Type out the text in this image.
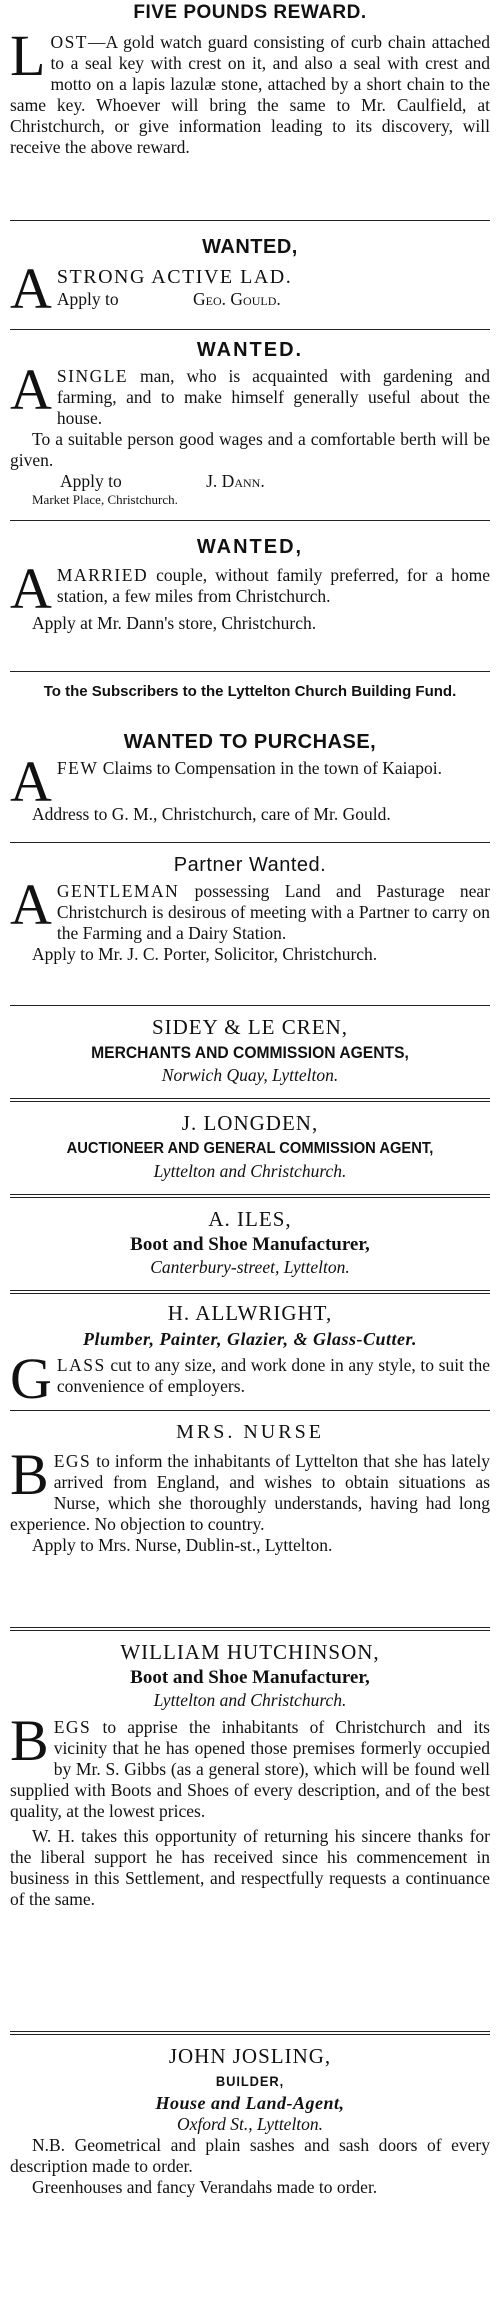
FIVE POUNDS REWARD.

LOST—A gold watch guard consisting of curb chain attached to a seal key with crest on it, and also a seal with crest and motto on a lapis lazulæ stone, attached by a short chain to the same key. Whoever will bring the same to Mr. Caulfield, at Christchurch, or give information leading to its discovery, will receive the above reward.

WANTED,

ASTRONG ACTIVE LAD.

Apply to	Geo. Gould.

WANTED.

ASINGLE man, who is acquainted with gardening and farming, and to make himself generally useful about the house.

To a suitable person good wages and a comfortable berth will be given.

Apply to	J. Dann.

Market Place, Christchurch.

WANTED,

AMARRIED couple, without family preferred, for a home station, a few miles from Christchurch.

Apply at Mr. Dann's store, Christchurch.

To the Subscribers to the Lyttelton Church Building Fund.

WANTED TO PURCHASE,

AFEW Claims to Compensation in the town of Kaiapoi.

Address to G. M., Christchurch, care of Mr. Gould.

Partner Wanted.

AGENTLEMAN possessing Land and Pasturage near Christchurch is desirous of meeting with a Partner to carry on the Farming and a Dairy Station.

Apply to Mr. J. C. Porter, Solicitor, Christchurch.

SIDEY & LE CREN,
MERCHANTS AND COMMISSION AGENTS,
Norwich Quay, Lyttelton.
J. LONGDEN,
AUCTIONEER AND GENERAL COMMISSION AGENT,
Lyttelton and Christchurch.
A. ILES,
Boot and Shoe Manufacturer,
Canterbury-street, Lyttelton.
H. ALLWRIGHT,
Plumber, Painter, Glazier, & Glass-Cutter.

GLASS cut to any size, and work done in any style, to suit the convenience of employers.

MRS. NURSE

BEGS to inform the inhabitants of Lyttelton that she has lately arrived from England, and wishes to obtain situations as Nurse, which she thoroughly understands, having had long experience. No objection to country.

Apply to Mrs. Nurse, Dublin-st., Lyttelton.

WILLIAM HUTCHINSON,
Boot and Shoe Manufacturer,
Lyttelton and Christchurch.

BEGS to apprise the inhabitants of Christchurch and its vicinity that he has opened those premises formerly occupied by Mr. S. Gibbs (as a general store), which will be found well supplied with Boots and Shoes of every description, and of the best quality, at the lowest prices.

W. H. takes this opportunity of returning his sincere thanks for the liberal support he has received since his commencement in business in this Settlement, and respectfully requests a continuance of the same.

JOHN JOSLING,
BUILDER,
House and Land-Agent,
Oxford St., Lyttelton.

N.B. Geometrical and plain sashes and sash doors of every description made to order.

Greenhouses and fancy Verandahs made to order.
